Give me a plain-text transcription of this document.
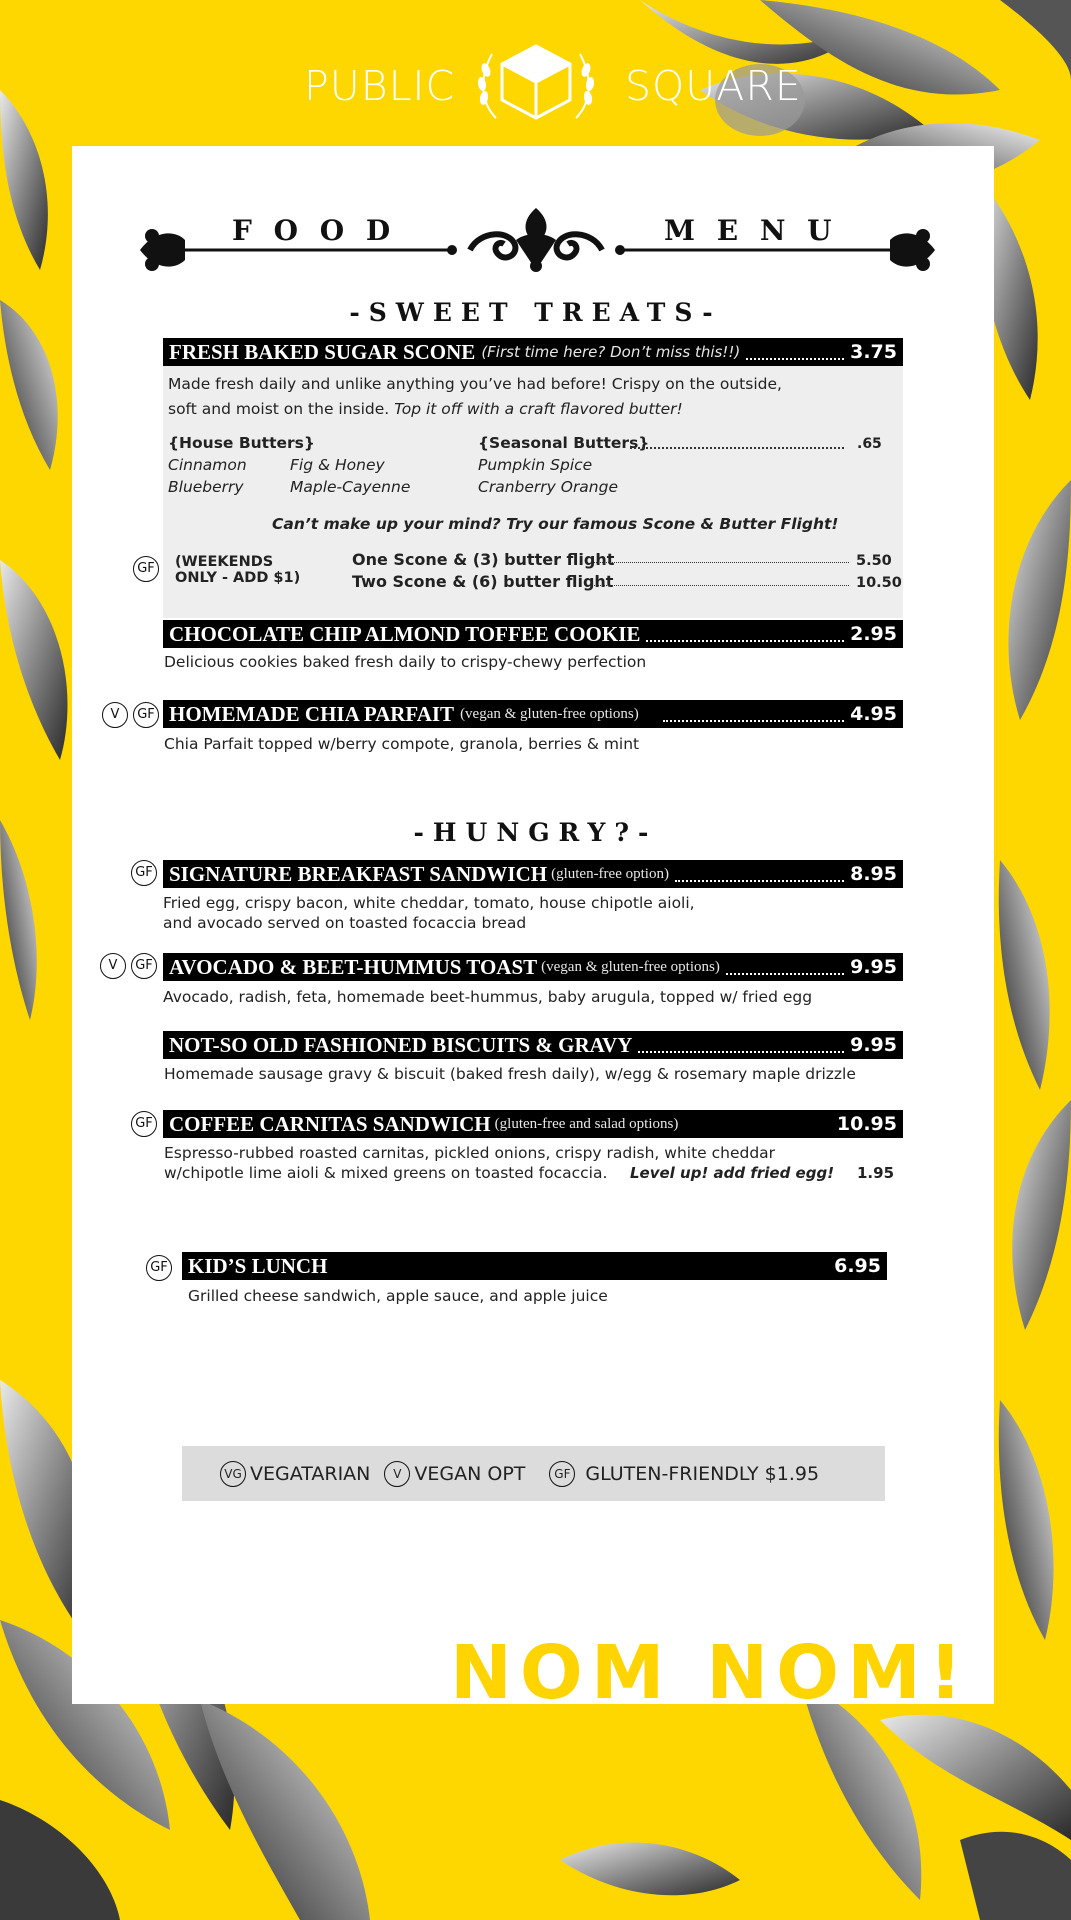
PUBLIC	SQUARE
F O O D	M E N U
-SWEET TREATS-
FRESH BAKED SUGAR SCONE (First time here? Don’t miss this!!)	3.75
Made fresh daily and unlike anything you’ve had before! Crispy on the outside,
soft and moist on the inside. Top it off with a craft flavored butter!
{House Butters}
Cinnamon	Fig & Honey
Blueberry	Maple-Cayenne
{Seasonal Butters}	.65
Pumpkin Spice
Cranberry Orange
Can’t make up your mind? Try our famous Scone & Butter Flight!
GF (WEEKENDS
ONLY - ADD $1)
One Scone & (3) butter flight	5.50
Two Scone & (6) butter flight	10.50
CHOCOLATE CHIP ALMOND TOFFEE COOKIE	2.95
Delicious cookies baked fresh daily to crispy-chewy perfection
V	GF HOMEMADE CHIA PARFAIT (vegan & gluten-free options)	4.95
Chia Parfait topped w/berry compote, granola, berries & mint
-HUNGRY?-
GF SIGNATURE BREAKFAST SANDWICH (gluten-free option)	8.95
Fried egg, crispy bacon, white cheddar, tomato, house chipotle aioli,
and avocado served on toasted focaccia bread
V	GF AVOCADO & BEET-HUMMUS TOAST (vegan & gluten-free options)	9.95
Avocado, radish, feta, homemade beet-hummus, baby arugula, topped w/ fried egg
NOT-SO OLD FASHIONED BISCUITS & GRAVY	9.95
Homemade sausage gravy & biscuit (baked fresh daily), w/egg & rosemary maple drizzle
GF COFFEE CARNITAS SANDWICH (gluten-free and salad options)	10.95
Espresso-rubbed roasted carnitas, pickled onions, crispy radish, white cheddar
w/chipotle lime aioli & mixed greens on toasted focaccia. Level up! add fried egg! 1.95
GF KID’S LUNCH	6.95
Grilled cheese sandwich, apple sauce, and apple juice
VG VEGATARIAN	V VEGAN OPT	GF GLUTEN-FRIENDLY $1.95
NOM NOM!
